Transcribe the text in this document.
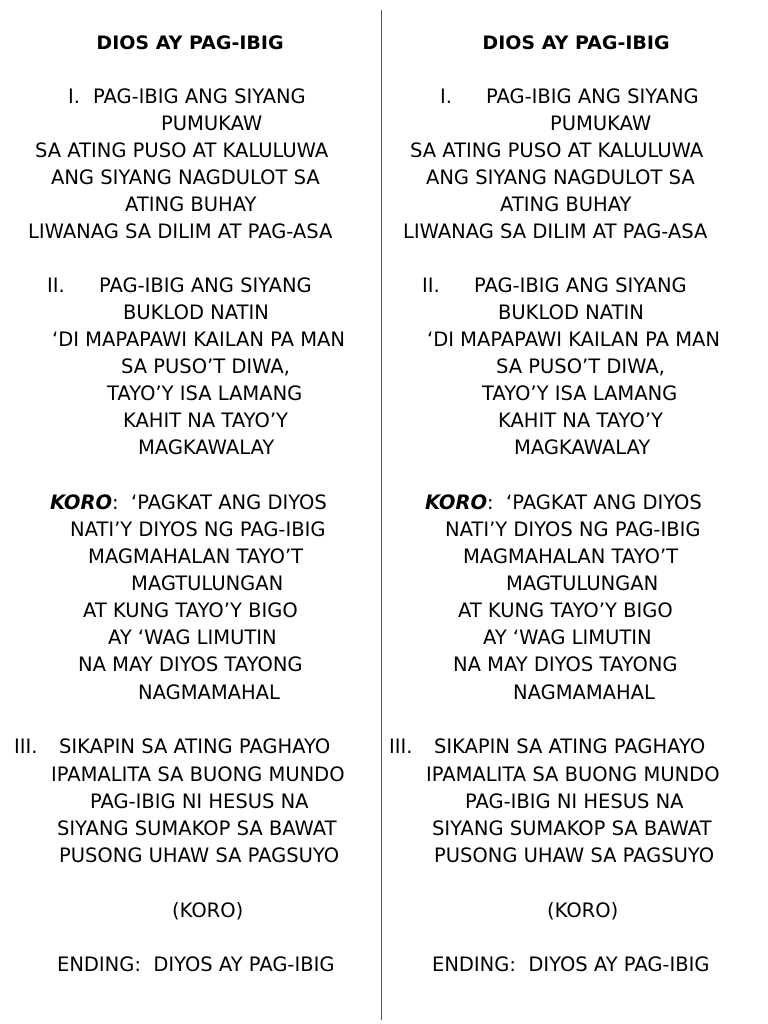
DIOS AY PAG-IBIG
I. PAG-IBIG ANG SIYANG
PUMUKAW
SA ATING PUSO AT KALULUWA
ANG SIYANG NAGDULOT SA
ATING BUHAY
LIWANAG SA DILIM AT PAG-ASA
II. PAG-IBIG ANG SIYANG
BUKLOD NATIN
‘DI MAPAPAWI KAILAN PA MAN
SA PUSO’T DIWA,
TAYO’Y ISA LAMANG
KAHIT NA TAYO’Y
MAGKAWALAY
KORO:  ‘PAGKAT ANG DIYOS
NATI’Y DIYOS NG PAG-IBIG
MAGMAHALAN TAYO’T
MAGTULUNGAN
AT KUNG TAYO’Y BIGO
AY ‘WAG LIMUTIN
NA MAY DIYOS TAYONG
NAGMAMAHAL
III. SIKAPIN SA ATING PAGHAYO
IPAMALITA SA BUONG MUNDO
PAG-IBIG NI HESUS NA
SIYANG SUMAKOP SA BAWAT
PUSONG UHAW SA PAGSUYO
(KORO)
ENDING:  DIYOS AY PAG-IBIG
DIOS AY PAG-IBIG
I. PAG-IBIG ANG SIYANG
PUMUKAW
SA ATING PUSO AT KALULUWA
ANG SIYANG NAGDULOT SA
ATING BUHAY
LIWANAG SA DILIM AT PAG-ASA
II. PAG-IBIG ANG SIYANG
BUKLOD NATIN
‘DI MAPAPAWI KAILAN PA MAN
SA PUSO’T DIWA,
TAYO’Y ISA LAMANG
KAHIT NA TAYO’Y
MAGKAWALAY
KORO:  ‘PAGKAT ANG DIYOS
NATI’Y DIYOS NG PAG-IBIG
MAGMAHALAN TAYO’T
MAGTULUNGAN
AT KUNG TAYO’Y BIGO
AY ‘WAG LIMUTIN
NA MAY DIYOS TAYONG
NAGMAMAHAL
III. SIKAPIN SA ATING PAGHAYO
IPAMALITA SA BUONG MUNDO
PAG-IBIG NI HESUS NA
SIYANG SUMAKOP SA BAWAT
PUSONG UHAW SA PAGSUYO
(KORO)
ENDING:  DIYOS AY PAG-IBIG
